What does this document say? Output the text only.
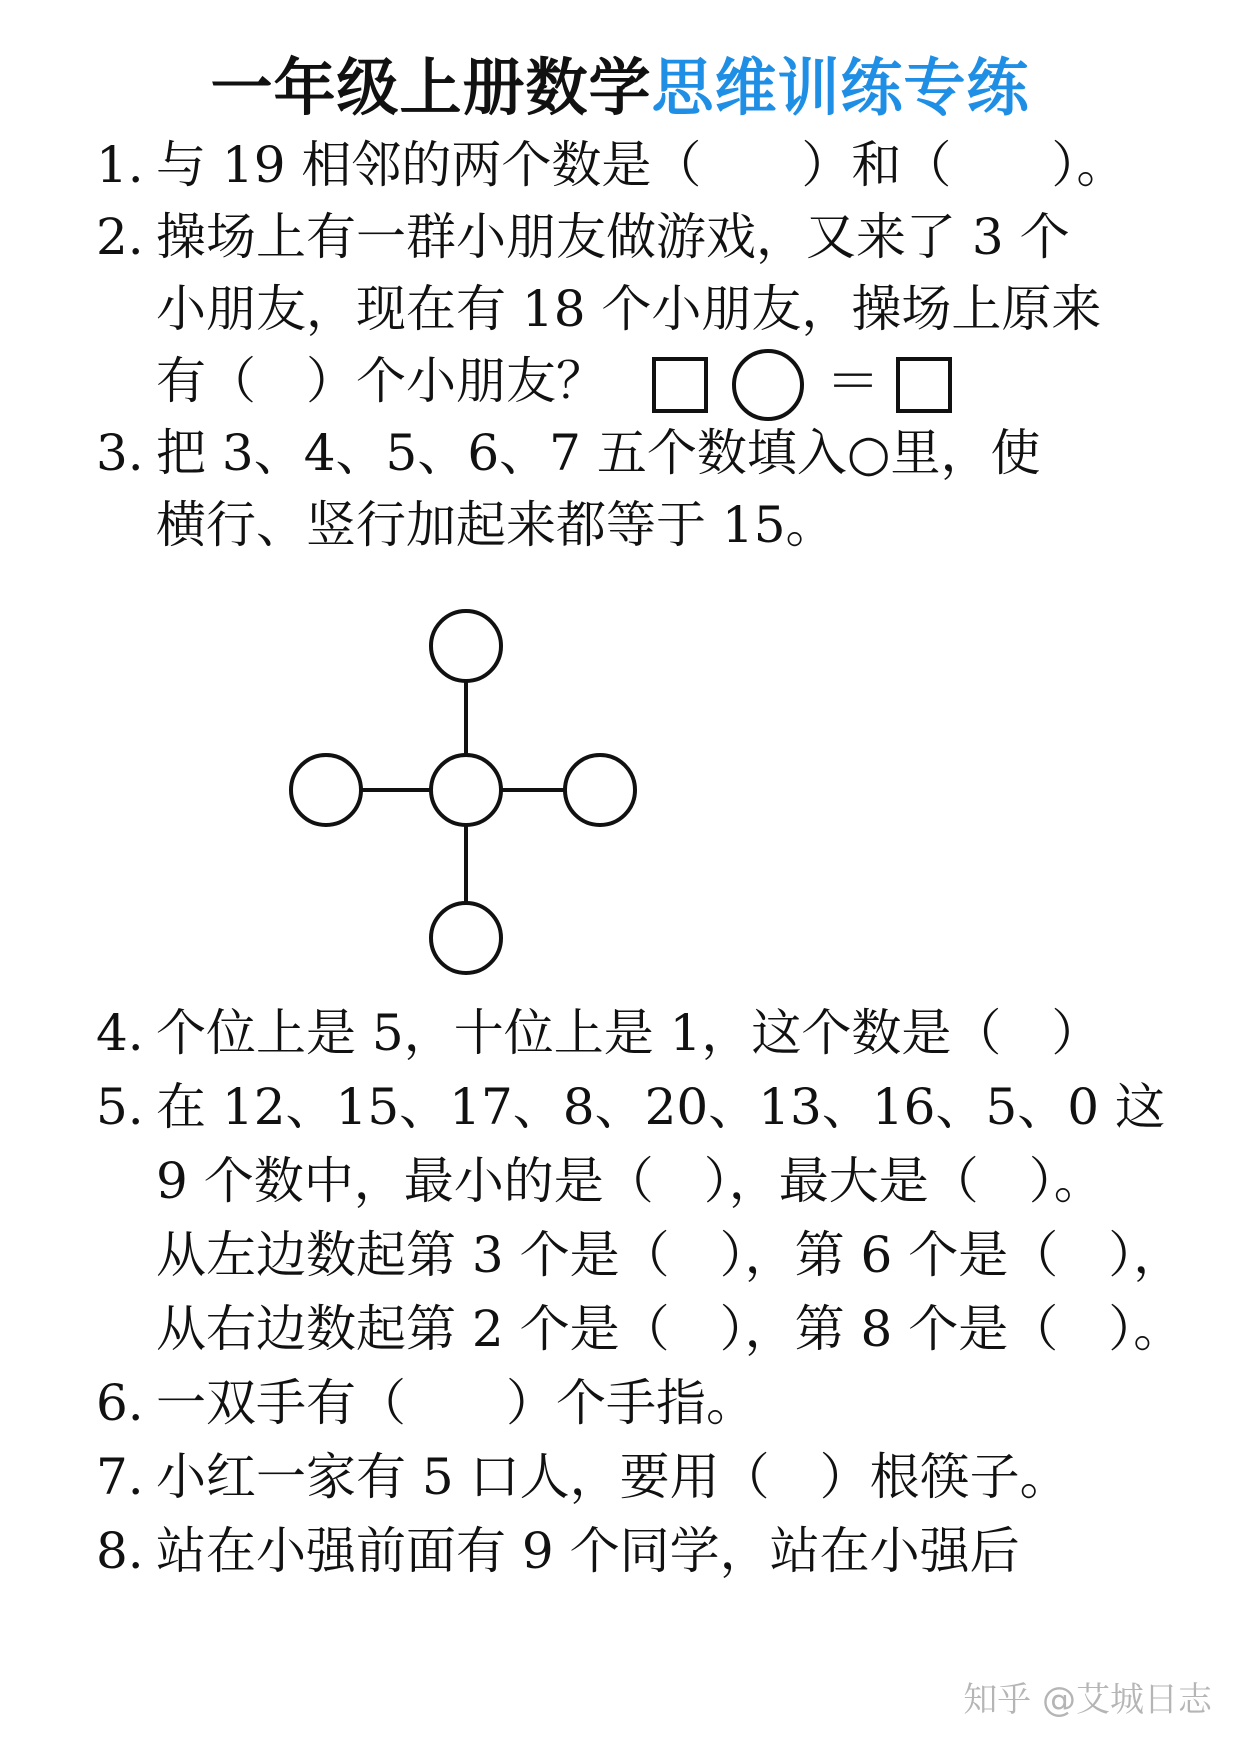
一年级上册数学思维训练专练
1. 与 19 相邻的两个数是（　　）和（　　）。
2. 操场上有一群小朋友做游戏，又来了 3 个
小朋友，现在有 18 个小朋友，操场上原来
有（　）个小朋友？	＝
3. 把 3、4、5、6、7 五个数填入○里，使
横行、竖行加起来都等于 15。
4. 个位上是 5，十位上是 1，这个数是（　）
5. 在 12、15、17、8、20、13、16、5、0 这
9 个数中，最小的是（　），最大是（　）。
从左边数起第 3 个是（　），第 6 个是（　），
从右边数起第 2 个是（　），第 8 个是（　）。
6. 一双手有（　　）个手指。
7. 小红一家有 5 口人，要用（　）根筷子。
8. 站在小强前面有 9 个同学，站在小强后
知乎 @艾城日志
